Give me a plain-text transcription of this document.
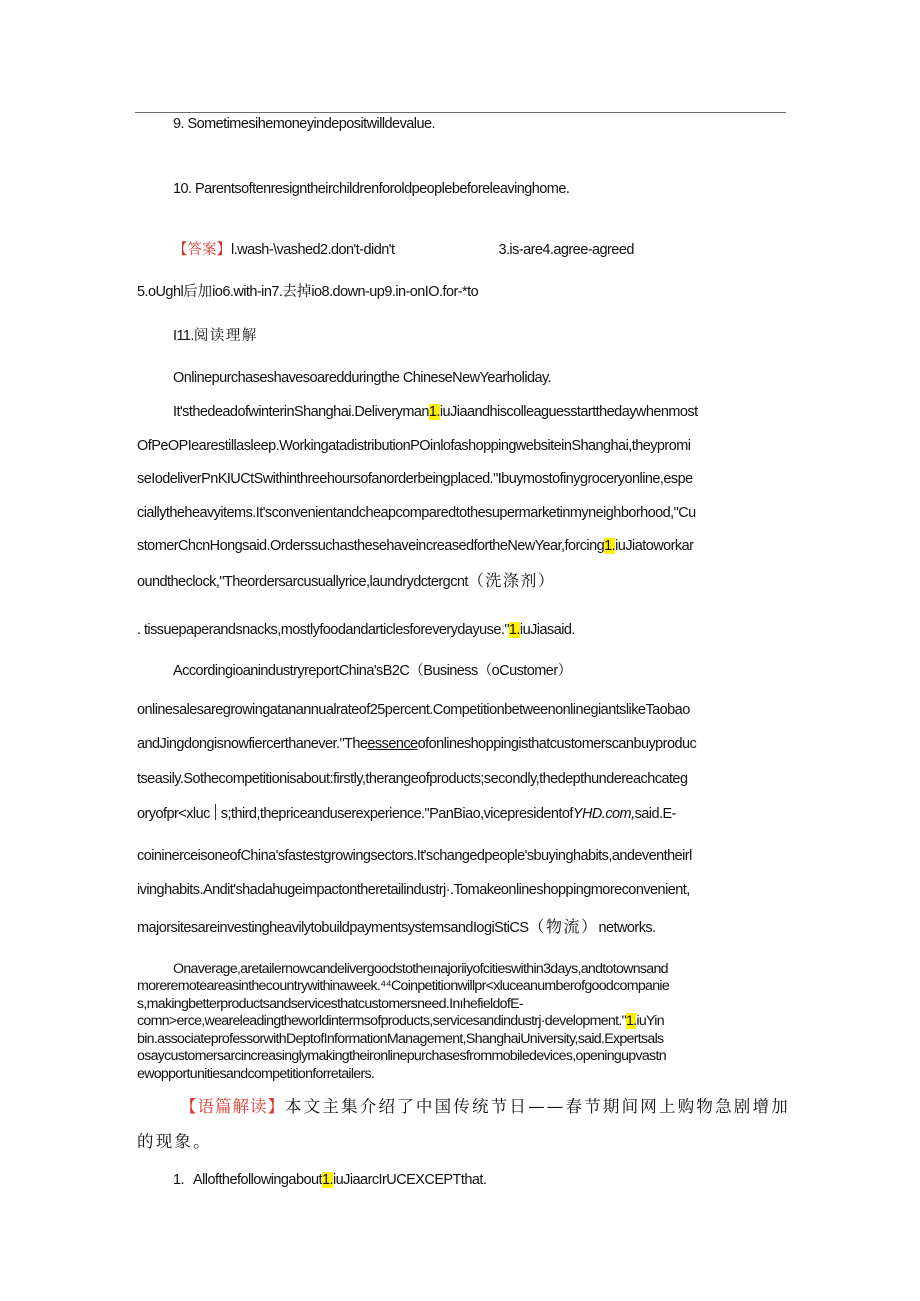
9. Sometimesihemoneyindepositwilldevalue.
10. Parentsoftenresigntheirchildrenforoldpeoplebeforeleavinghome.
【答案】l.wash-\vashed2.don't-didn't	3.is-are4.agree-agreed
5.oUghl后加io6.with-in7.去掉io8.down-up9.in-onIO.for-*to
I11.阅读理解
Onlinepurchaseshavesoaredduringthe ChineseNewYearholiday.
It'sthedeadofwinterinShanghai.Deliveryman1.iuJiaandhiscolleaguesstartthedaywhenmost
OfPeOPIearestillasleep.WorkingatadistributionPOinlofashoppingwebsiteinShanghai,theypromi
seIodeliverPnKIUCtSwithinthreehoursofanorderbeingplaced."Ibuymostofinygroceryonline,espe
ciallytheheavyitems.It'sconvenientandcheapcomparedtothesupermarketinmyneighborhood,"Cu
stomerChcnHongsaid.OrderssuchasthesehaveincreasedfortheNewYear,forcing1.iuJiatoworkar
oundtheclock,"Theordersarcusuallyrice,laundrydctergcnt（洗涤剂）
. tissuepaperandsnacks,mostlyfoodandarticlesforeverydayuse."1.iuJiasaid.
AccordingioanindustryreportChina'sB2C（Business（oCustomer）
onlinesalesaregrowingatanannualrateof25percent.CompetitionbetweenonlinegiantslikeTaobao
andJingdongisnowfiercerthanever."Theessenceofonlineshoppingisthatcustomerscanbuyproduc
tseasily.Sothecompetitionisabout:firstly,therangeofproducts;secondly,thedepthundereachcateg
oryofpr<xluc s;third,thepriceanduserexperience."PanBiao,vicepresidentofYHD.com,said.E-
coininerceisoneofChina'sfastestgrowingsectors.It'schangedpeople'sbuyinghabits,andeventheirl
ivinghabits.Andit'shadahugeimpactontheretailindustrj·.Tomakeonlineshoppingmoreconvenient,
majorsitesareinvestingheavilytobuildpaymentsystemsandIogiStiCS（物流）networks.
Onaverage,aretailernowcandelivergoodstotheınajoriiyofcitieswithin3days,andtotownsand
moreremoteareasinthecountrywithinaweek.⁴⁴Coinpetitionwillpr<xluceanumberofgoodcompanie
s,makingbetterproductsandservicesthatcustomersneed.InıhefieldofE-
comn>erce,weareleadingtheworldintermsofproducts,servicesandindustrj·development."1.iuYin
bin.associateprofessorwithDeptofInformationManagement,ShanghaiUniversity,said.Expertsals
osaycustomersarcincreasinglymakingtheironlinepurchasesfrommobiledevices,openingupvastn
ewopportunitiesandcompetitionforretailers.
【语篇解读】本文主集介绍了中国传统节日——春节期间网上购物急剧增加
的现象。
1. Allofthefollowingabout1.iuJiaarcIrUCEXCEPTthat.
